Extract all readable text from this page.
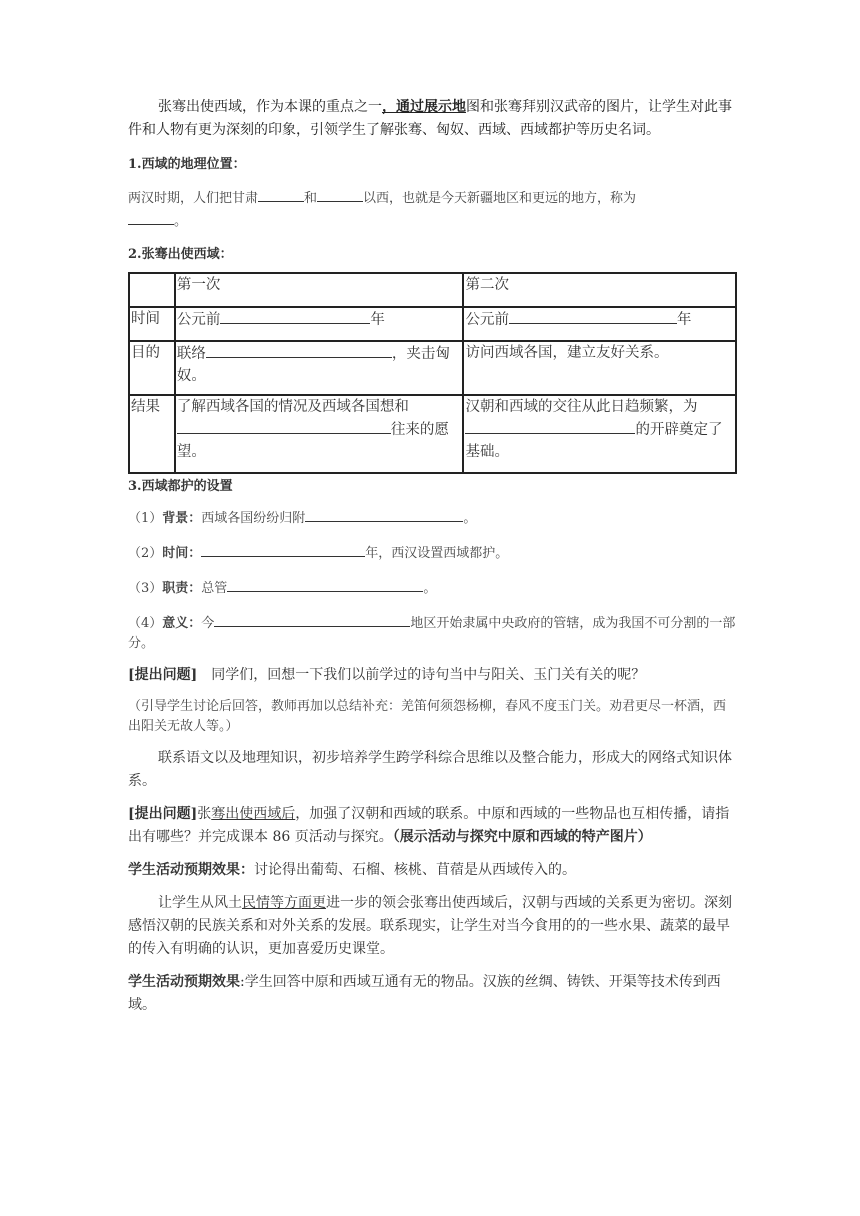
张骞出使西域，作为本课的重点之一，通过展示地图和张骞拜别汉武帝的图片，让学生对此事件和人物有更为深刻的印象，引领学生了解张骞、匈奴、西域、西域都护等历史名词。

1.西域的地理位置：

两汉时期，人们把甘肃	和	以西，也就是今天新疆地区和更远的地方，称为
。

2.张骞出使西域：

	第一次	第二次
时间	公元前 年	公元前 年
目的	联络 ，夹击匈奴。	访问西域各国，建立友好关系。
结果	了解西域各国的情况及西域各国想和往来的愿望。	汉朝和西域的交往从此日趋频繁，为的开辟奠定了基础。

3.西域都护的设置

（1）背景：西域各国纷纷归附	。

（2）时间：	年，西汉设置西域都护。

（3）职责：总管	。

（4）意义：今	地区开始隶属中央政府的管辖，成为我国不可分割的一部分。

[提出问题]　同学们，回想一下我们以前学过的诗句当中与阳关、玉门关有关的呢？

（引导学生讨论后回答，教师再加以总结补充：羌笛何须怨杨柳，春风不度玉门关。劝君更尽一杯酒，西出阳关无故人等。）

联系语文以及地理知识，初步培养学生跨学科综合思维以及整合能力，形成大的网络式知识体系。

[提出问题]张骞出使西域后，加强了汉朝和西域的联系。中原和西域的一些物品也互相传播，请指出有哪些？并完成课本 86 页活动与探究。（展示活动与探究中原和西域的特产图片）

学生活动预期效果：讨论得出葡萄、石榴、核桃、苜蓿是从西域传入的。

让学生从风土民情等方面更进一步的领会张骞出使西域后，汉朝与西域的关系更为密切。深刻感悟汉朝的民族关系和对外关系的发展。联系现实，让学生对当今食用的的一些水果、蔬菜的最早的传入有明确的认识，更加喜爱历史课堂。

学生活动预期效果:学生回答中原和西域互通有无的物品。汉族的丝绸、铸铁、开渠等技术传到西域。
